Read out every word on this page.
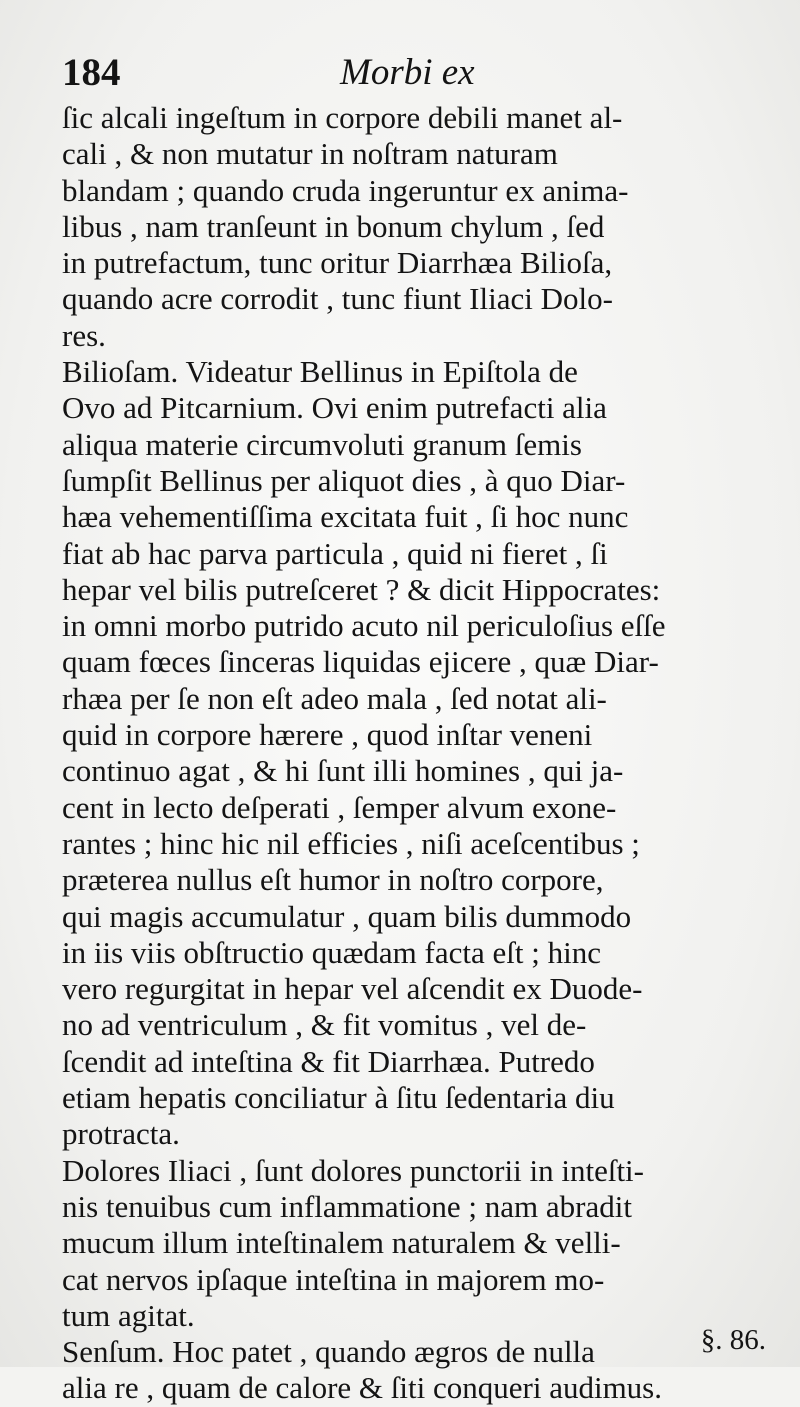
184	Morbi ex
ſic alcali ingeſtum in corpore debili manet al-
cali , & non mutatur in noſtram naturam
blandam ; quando cruda ingeruntur ex anima-
libus , nam tranſeunt in bonum chylum , ſed
in putrefactum, tunc oritur Diarrhæa Bilioſa,
quando acre corrodit , tunc fiunt Iliaci Dolo-
res.
Bilioſam. Videatur Bellinus in Epiſtola de
Ovo ad Pitcarnium. Ovi enim putrefacti alia
aliqua materie circumvoluti granum ſemis
ſumpſit Bellinus per aliquot dies , à quo Diar-
hæa vehementiſſima excitata fuit , ſi hoc nunc
fiat ab hac parva particula , quid ni fieret , ſi
hepar vel bilis putreſceret ? & dicit Hippocrates:
in omni morbo putrido acuto nil periculoſius eſſe
quam fœces ſinceras liquidas ejicere , quæ Diar-
rhæa per ſe non eſt adeo mala , ſed notat ali-
quid in corpore hærere , quod inſtar veneni
continuo agat , & hi ſunt illi homines , qui ja-
cent in lecto deſperati , ſemper alvum exone-
rantes ; hinc hic nil efficies , niſi aceſcentibus ;
præterea nullus eſt humor in noſtro corpore,
qui magis accumulatur , quam bilis dummodo
in iis viis obſtructio quædam facta eſt ; hinc
vero regurgitat in hepar vel aſcendit ex Duode-
no ad ventriculum , & fit vomitus , vel de-
ſcendit ad inteſtina & fit Diarrhæa. Putredo
etiam hepatis conciliatur à ſitu ſedentaria diu
protracta.
Dolores Iliaci , ſunt dolores punctorii in inteſti-
nis tenuibus cum inflammatione ; nam abradit
mucum illum inteſtinalem naturalem & velli-
cat nervos ipſaque inteſtina in majorem mo-
tum agitat.
Senſum. Hoc patet , quando ægros de nulla
alia re , quam de calore & ſiti conqueri audimus.
§. 86.
